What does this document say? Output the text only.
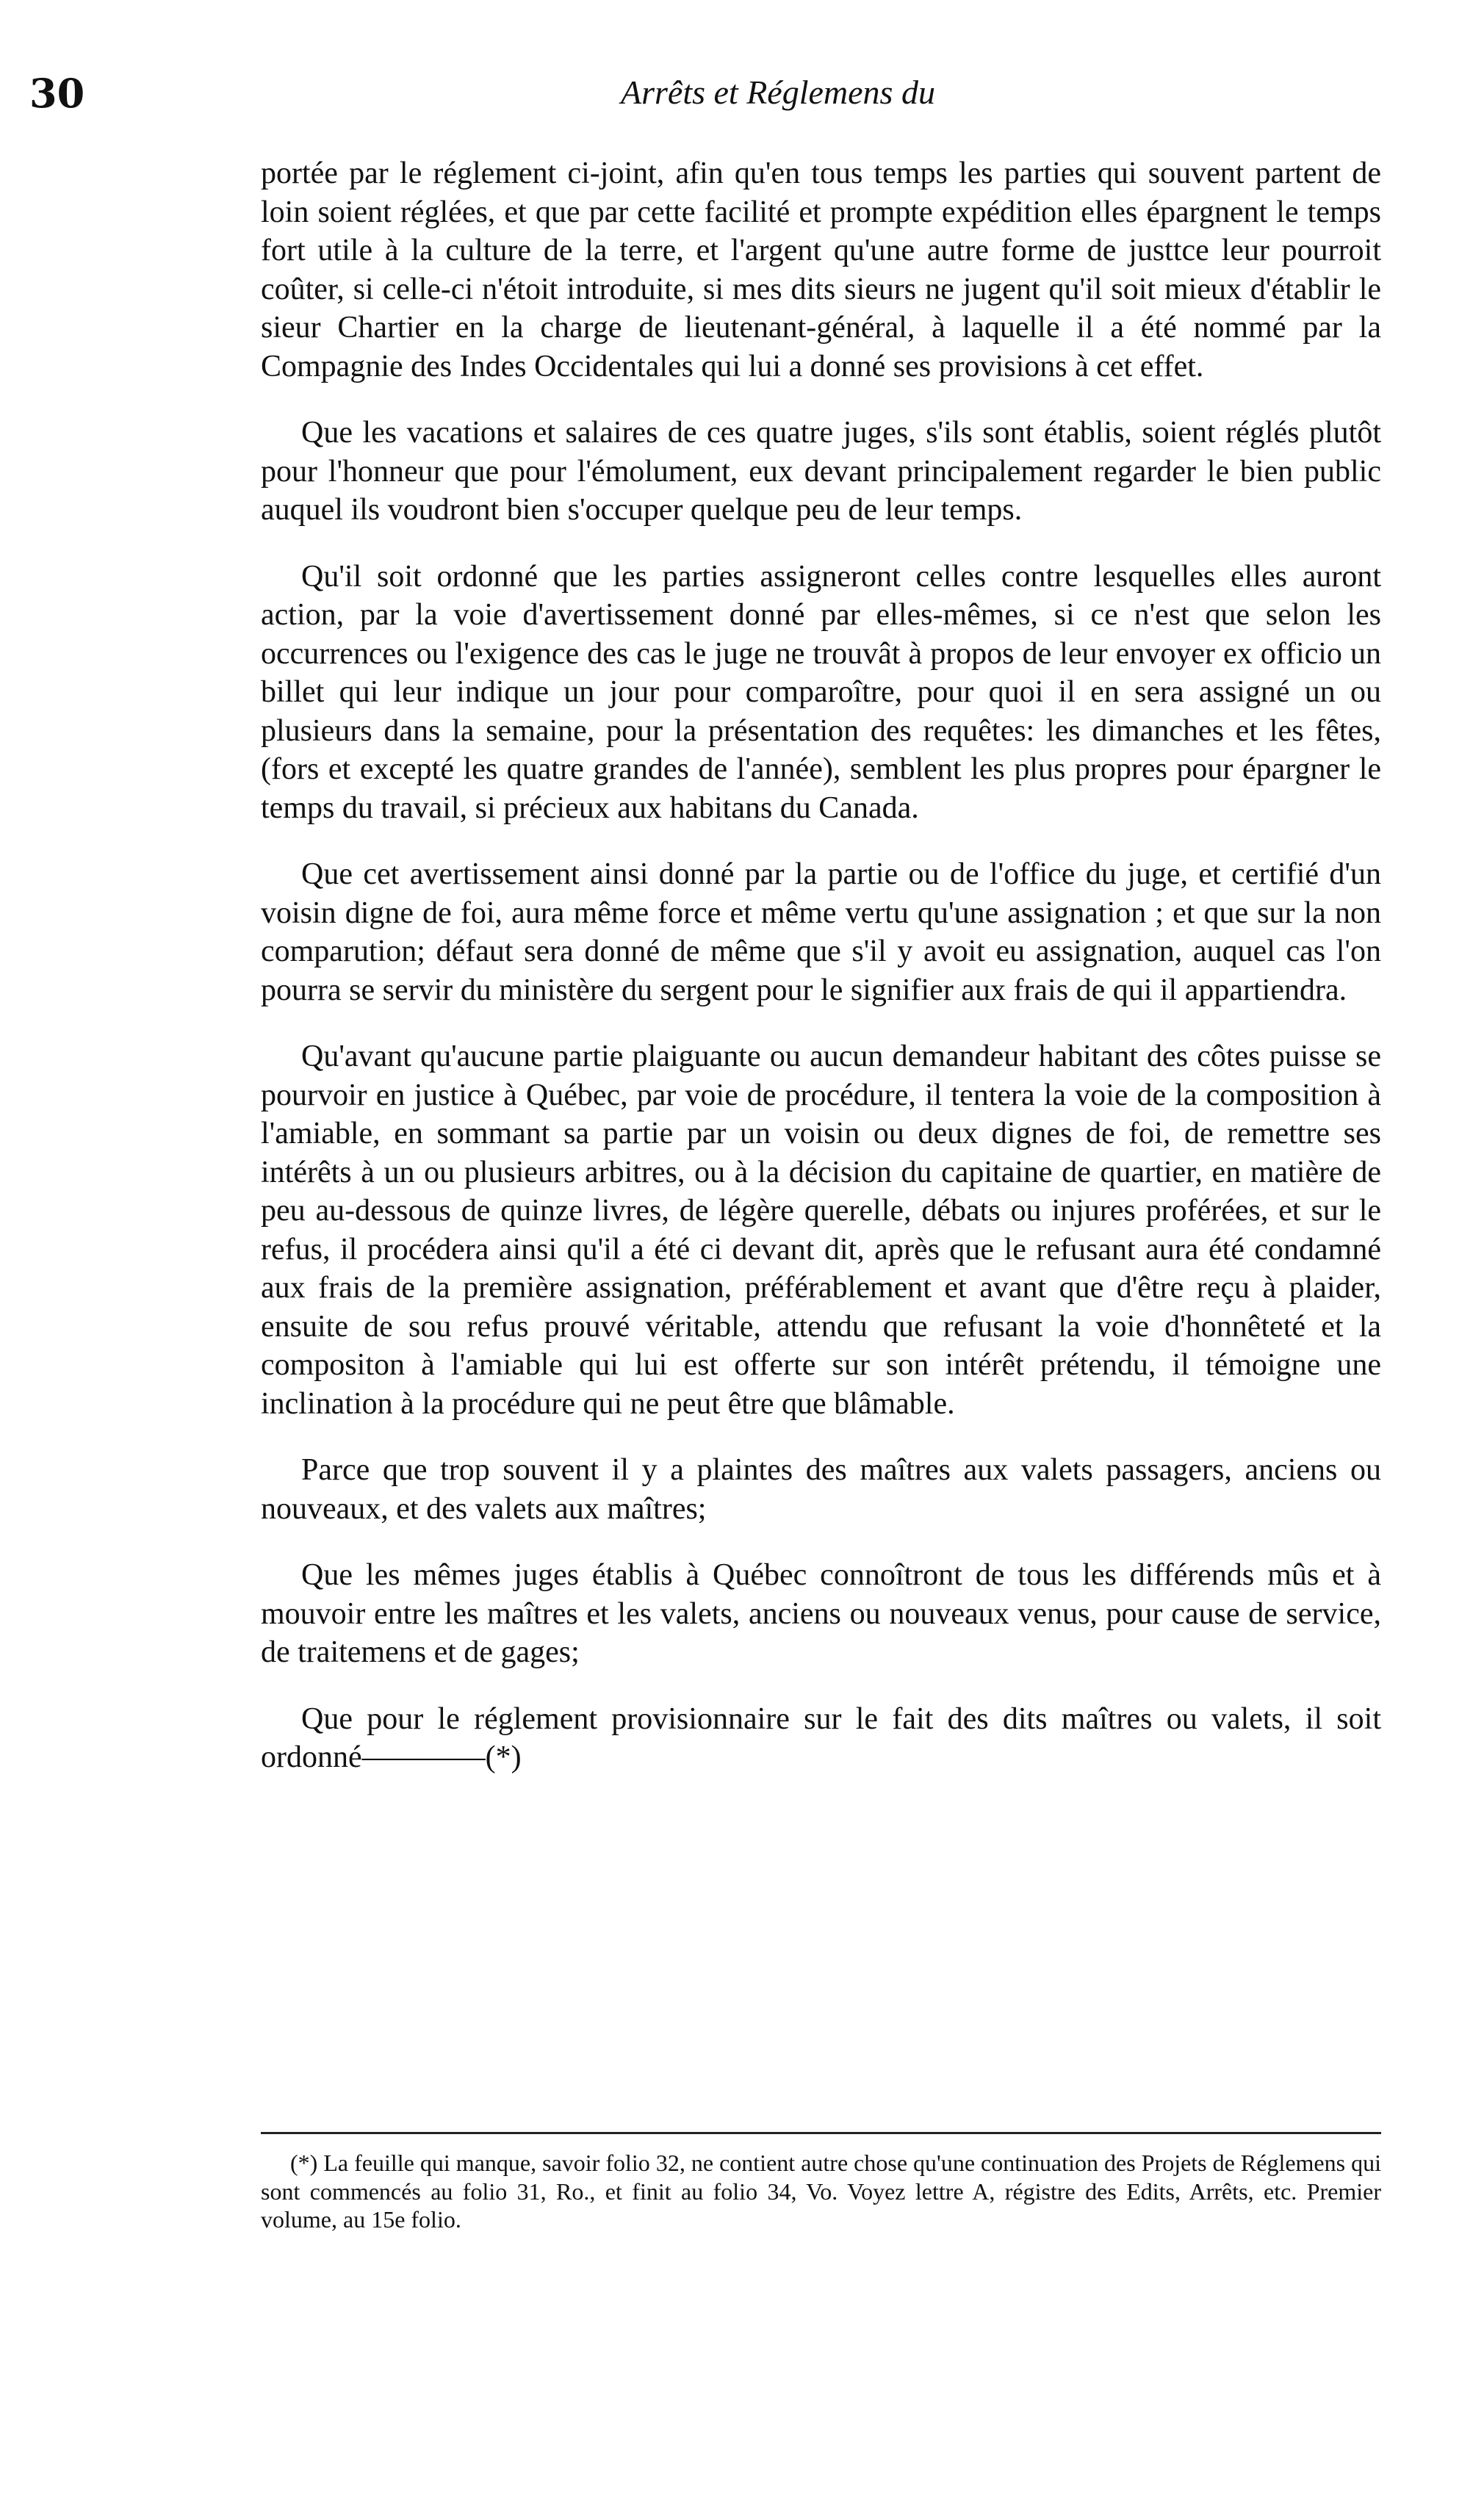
30	Arrêts et Réglemens du

portée par le réglement ci-joint, afin qu'en tous temps les parties qui souvent partent de loin soient réglées, et que par cette facilité et prompte expédition elles épargnent le temps fort utile à la culture de la terre, et l'argent qu'une autre forme de justtce leur pourroit coûter, si celle-ci n'étoit introduite, si mes dits sieurs ne jugent qu'il soit mieux d'établir le sieur Chartier en la charge de lieutenant-général, à laquelle il a été nommé par la Compagnie des Indes Occidentales qui lui a donné ses provisions à cet effet.

Que les vacations et salaires de ces quatre juges, s'ils sont établis, soient réglés plutôt pour l'honneur que pour l'émolument, eux devant principalement regarder le bien public auquel ils voudront bien s'occuper quelque peu de leur temps.

Qu'il soit ordonné que les parties assigneront celles contre lesquelles elles auront action, par la voie d'avertissement donné par elles-mêmes, si ce n'est que selon les occurrences ou l'exigence des cas le juge ne trouvât à propos de leur envoyer ex officio un billet qui leur indique un jour pour comparoître, pour quoi il en sera assigné un ou plusieurs dans la semaine, pour la présentation des requêtes: les dimanches et les fêtes, (fors et excepté les quatre grandes de l'année), semblent les plus propres pour épargner le temps du travail, si précieux aux habitans du Canada.

Que cet avertissement ainsi donné par la partie ou de l'office du juge, et certifié d'un voisin digne de foi, aura même force et même vertu qu'une assignation ; et que sur la non comparution; défaut sera donné de même que s'il y avoit eu assignation, auquel cas l'on pourra se servir du ministère du sergent pour le signifier aux frais de qui il appartiendra.

Qu'avant qu'aucune partie plaiguante ou aucun demandeur habitant des côtes puisse se pourvoir en justice à Québec, par voie de procédure, il tentera la voie de la composition à l'amiable, en sommant sa partie par un voisin ou deux dignes de foi, de remettre ses intérêts à un ou plusieurs arbitres, ou à la décision du capitaine de quartier, en matière de peu au-dessous de quinze livres, de légère querelle, débats ou injures proférées, et sur le refus, il procédera ainsi qu'il a été ci devant dit, après que le refusant aura été condamné aux frais de la première assignation, préférablement et avant que d'être reçu à plaider, ensuite de sou refus prouvé véritable, attendu que refusant la voie d'honnêteté et la compositon à l'amiable qui lui est offerte sur son intérêt prétendu, il témoigne une inclination à la procédure qui ne peut être que blâmable.

Parce que trop souvent il y a plaintes des maîtres aux valets passagers, anciens ou nouveaux, et des valets aux maîtres;

Que les mêmes juges établis à Québec connoîtront de tous les différends mûs et à mouvoir entre les maîtres et les valets, anciens ou nouveaux venus, pour cause de service, de traitemens et de gages;

Que pour le réglement provisionnaire sur le fait des dits maîtres ou valets, il soit ordonné————(*)

(*) La feuille qui manque, savoir folio 32, ne contient autre chose qu'une continuation des Projets de Réglemens qui sont commencés au folio 31, Ro., et finit au folio 34, Vo. Voyez lettre A, régistre des Edits, Arrêts, etc. Premier volume, au 15e folio.
